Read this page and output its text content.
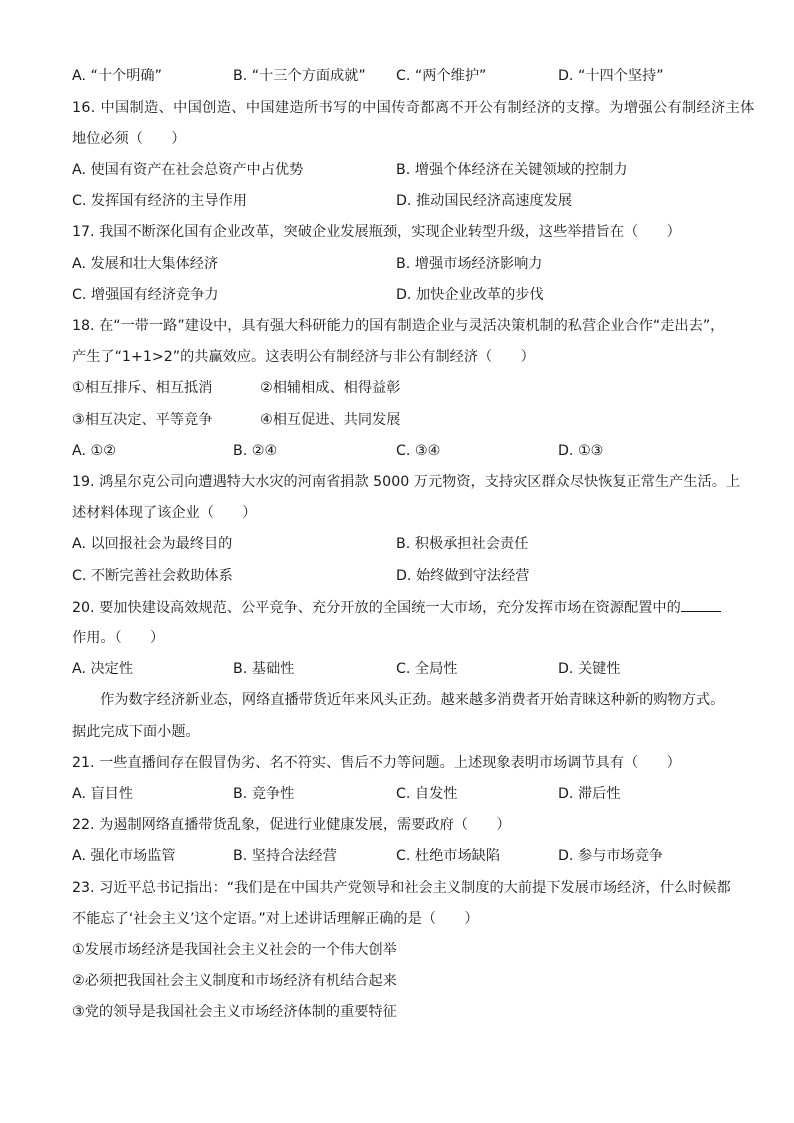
A. “十个明确”	B. “十三个方面成就” C. “两个维护”	D. “十四个坚持”
16. 中国制造、中国创造、中国建造所书写的中国传奇都离不开公有制经济的支撑。为增强公有制经济主体
地位必须（　　）
A. 使国有资产在社会总资产中占优势	B. 增强个体经济在关键领域的控制力
C. 发挥国有经济的主导作用	D. 推动国民经济高速度发展
17. 我国不断深化国有企业改革，突破企业发展瓶颈，实现企业转型升级，这些举措旨在（　　）
A. 发展和壮大集体经济	B. 增强市场经济影响力
C. 增强国有经济竞争力	D. 加快企业改革的步伐
18. 在“一带一路”建设中，具有强大科研能力的国有制造企业与灵活决策机制的私营企业合作“走出去”，
产生了“1+1>2”的共赢效应。这表明公有制经济与非公有制经济（　　）
①相互排斥、相互抵消	②相辅相成、相得益彰
③相互决定、平等竞争	④相互促进、共同发展
A. ①②	B. ②④	C. ③④	D. ①③
19. 鸿星尔克公司向遭遇特大水灾的河南省捐款 5000 万元物资，支持灾区群众尽快恢复正常生产生活。上
述材料体现了该企业（　　）
A. 以回报社会为最终目的	B. 积极承担社会责任
C. 不断完善社会救助体系	D. 始终做到守法经营
20. 要加快建设高效规范、公平竞争、充分开放的全国统一大市场，充分发挥市场在资源配置中的
作用。（　　）
A. 决定性	B. 基础性	C. 全局性	D. 关键性
作为数字经济新业态，网络直播带货近年来风头正劲。越来越多消费者开始青睐这种新的购物方式。
据此完成下面小题。
21. 一些直播间存在假冒伪劣、名不符实、售后不力等问题。上述现象表明市场调节具有（　　）
A. 盲目性	B. 竞争性	C. 自发性	D. 滞后性
22. 为遏制网络直播带货乱象，促进行业健康发展，需要政府（　　）
A. 强化市场监管	B. 坚持合法经营	C. 杜绝市场缺陷	D. 参与市场竞争
23. 习近平总书记指出：“我们是在中国共产党领导和社会主义制度的大前提下发展市场经济，什么时候都
不能忘了‘社会主义’这个定语。”对上述讲话理解正确的是（　　）
①发展市场经济是我国社会主义社会的一个伟大创举
②必须把我国社会主义制度和市场经济有机结合起来
③党的领导是我国社会主义市场经济体制的重要特征
